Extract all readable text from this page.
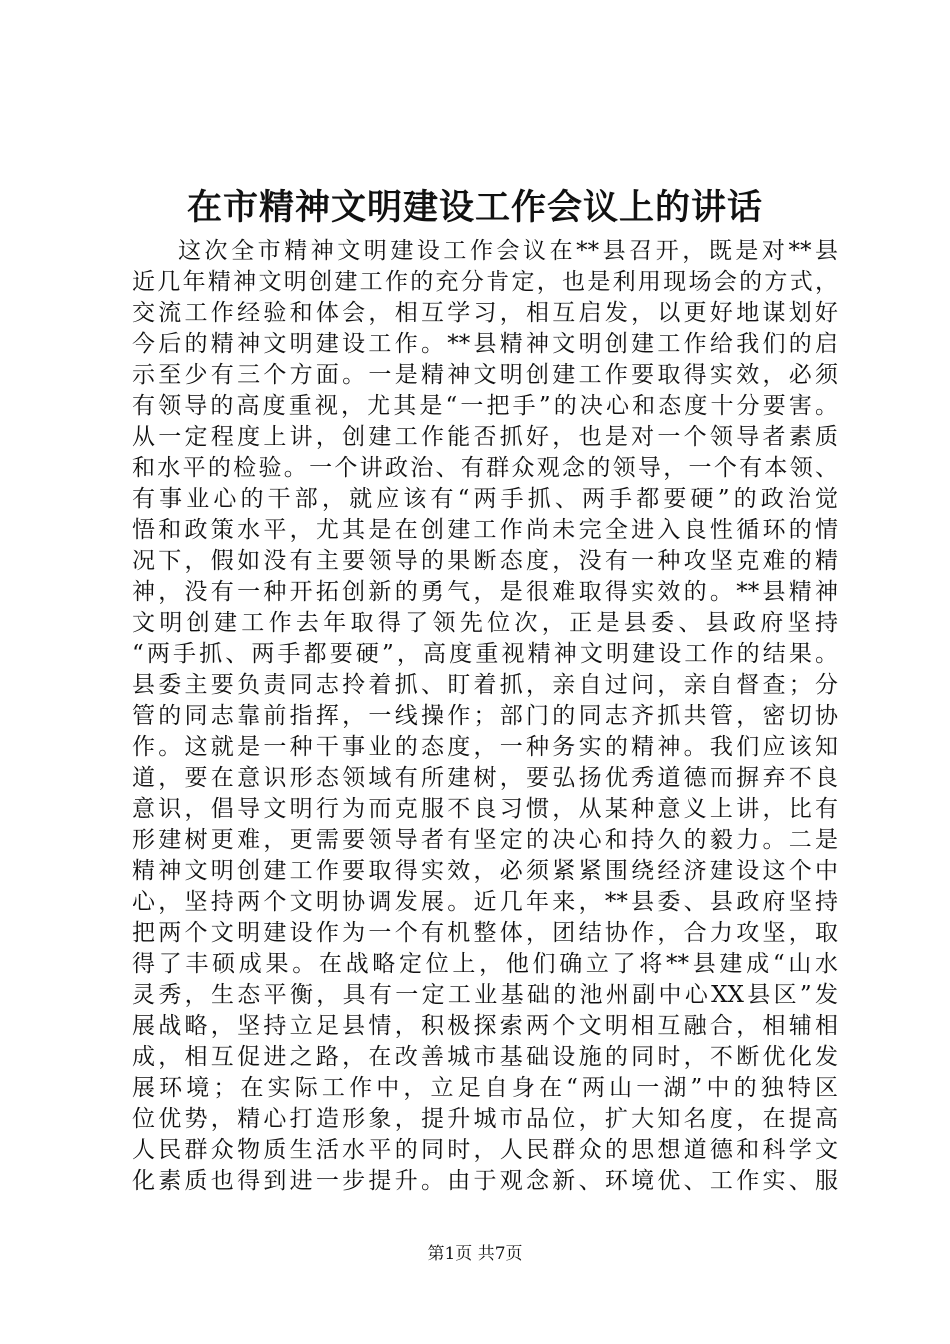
在市精神文明建设工作会议上的讲话
这次全市精神文明建设工作会议在**县召开，既是对**县
近几年精神文明创建工作的充分肯定，也是利用现场会的方式，
交流工作经验和体会，相互学习，相互启发，以更好地谋划好
今后的精神文明建设工作。**县精神文明创建工作给我们的启
示至少有三个方面。一是精神文明创建工作要取得实效，必须
有领导的高度重视，尤其是“一把手”的决心和态度十分要害。
从一定程度上讲，创建工作能否抓好，也是对一个领导者素质
和水平的检验。一个讲政治、有群众观念的领导，一个有本领、
有事业心的干部，就应该有“两手抓、两手都要硬”的政治觉
悟和政策水平，尤其是在创建工作尚未完全进入良性循环的情
况下，假如没有主要领导的果断态度，没有一种攻坚克难的精
神，没有一种开拓创新的勇气，是很难取得实效的。**县精神
文明创建工作去年取得了领先位次，正是县委、县政府坚持
“两手抓、两手都要硬”，高度重视精神文明建设工作的结果。
县委主要负责同志拎着抓、盯着抓，亲自过问，亲自督查；分
管的同志靠前指挥，一线操作；部门的同志齐抓共管，密切协
作。这就是一种干事业的态度，一种务实的精神。我们应该知
道，要在意识形态领域有所建树，要弘扬优秀道德而摒弃不良
意识，倡导文明行为而克服不良习惯，从某种意义上讲，比有
形建树更难，更需要领导者有坚定的决心和持久的毅力。二是
精神文明创建工作要取得实效，必须紧紧围绕经济建设这个中
心，坚持两个文明协调发展。近几年来，**县委、县政府坚持
把两个文明建设作为一个有机整体，团结协作，合力攻坚，取
得了丰硕成果。在战略定位上，他们确立了将**县建成“山水
灵秀，生态平衡，具有一定工业基础的池州副中心XX县区”发
展战略，坚持立足县情，积极探索两个文明相互融合，相辅相
成，相互促进之路，在改善城市基础设施的同时，不断优化发
展环境；在实际工作中，立足自身在“两山一湖”中的独特区
位优势，精心打造形象，提升城市品位，扩大知名度，在提高
人民群众物质生活水平的同时，人民群众的思想道德和科学文
化素质也得到进一步提升。由于观念新、环境优、工作实、服
第1页 共7页
